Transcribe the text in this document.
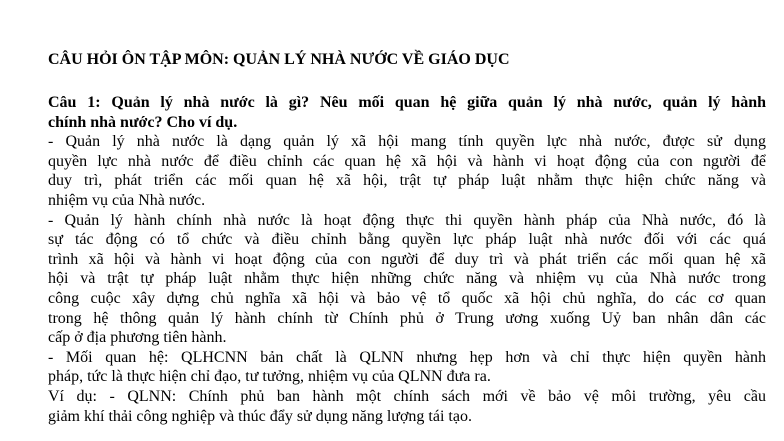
CÂU HỎI ÔN TẬP MÔN: QUẢN LÝ NHÀ NƯỚC VỀ GIÁO DỤC
Câu 1: Quản lý nhà nước là gì? Nêu mối quan hệ giữa quản lý nhà nước, quản lý hành
chính nhà nước? Cho ví dụ.
- Quản lý nhà nước là dạng quản lý xã hội mang tính quyền lực nhà nước, được sử dụng
quyền lực nhà nước để điều chỉnh các quan hệ xã hội và hành vi hoạt động của con người để
duy trì, phát triển các mối quan hệ xã hội, trật tự pháp luật nhằm thực hiện chức năng và
nhiệm vụ của Nhà nước.
- Quản lý hành chính nhà nước là hoạt động thực thi quyền hành pháp của Nhà nước, đó là
sự tác động có tổ chức và điều chỉnh bằng quyền lực pháp luật nhà nước đối với các quá
trình xã hội và hành vi hoạt động của con người để duy trì và phát triển các mối quan hệ xã
hội và trật tự pháp luật nhằm thực hiện những chức năng và nhiệm vụ của Nhà nước trong
công cuộc xây dựng chủ nghĩa xã hội và bảo vệ tổ quốc xã hội chủ nghĩa, do các cơ quan
trong hệ thông quản lý hành chính từ Chính phủ ở Trung ương xuống Uỷ ban nhân dân các
cấp ở địa phương tiên hành.
- Mối quan hệ: QLHCNN bản chất là QLNN nhưng hẹp hơn và chỉ thực hiện quyền hành
pháp, tức là thực hiện chỉ đạo, tư tưởng, nhiệm vụ của QLNN đưa ra.
Ví dụ: - QLNN: Chính phủ ban hành một chính sách mới về bảo vệ môi trường, yêu cầu
giảm khí thải công nghiệp và thúc đẩy sử dụng năng lượng tái tạo.
